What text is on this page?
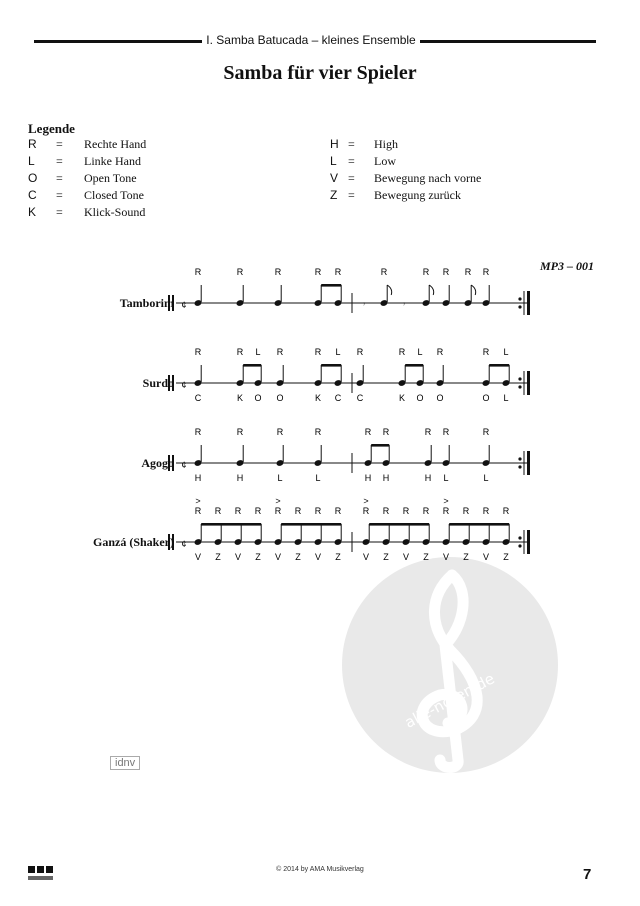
I. Samba Batucada – kleines Ensemble
Samba für vier Spieler
Legende
R = Rechte Hand
L = Linke Hand
O = Open Tone
C = Closed Tone
K = Klick-Sound
H = High
L = Low
V = Bewegung nach vorne
Z = Bewegung zurück
MP3 – 001
alle-noten.de
¢
R	R	R	R R
𝄾
R
𝄾
R R R R
¢
R
C
R
K
L
O
R
O
R
K
L
C
R
C
R
K
L
O
R
O
R
O
L
L
¢
R
H
R
H
R
L
R
L
R
H
R
H
R
H
R
L
R
L
¢
R
V
R
Z
R
V
R
Z
R
V
R
Z
R
V
R
Z
R
V
R
Z
R
V
R
Z
R
V
R
Z
R
V
R
Z
>	>	>	>
Tamborim
Surdo
Agogo
Ganzá (Shaker)
idnv
© 2014 by AMA Musikverlag	7
